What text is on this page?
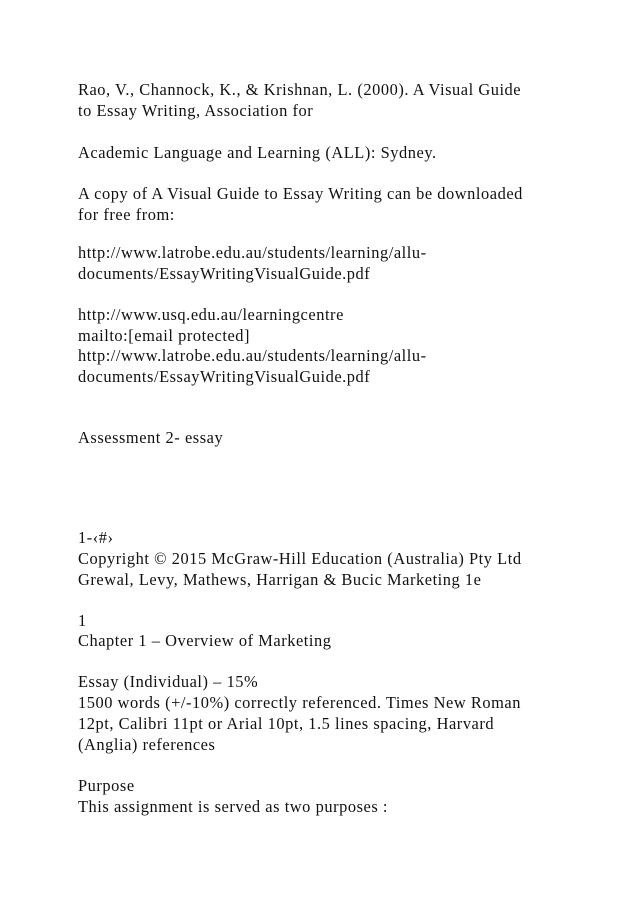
Rao, V., Channock, K., & Krishnan, L. (2000). A Visual Guide

to Essay Writing, Association for

Academic Language and Learning (ALL): Sydney.

A copy of A Visual Guide to Essay Writing can be downloaded

for free from:

http://www.latrobe.edu.au/students/learning/allu-

documents/EssayWritingVisualGuide.pdf

http://www.usq.edu.au/learningcentre

mailto:[email protected]

http://www.latrobe.edu.au/students/learning/allu-

documents/EssayWritingVisualGuide.pdf

Assessment 2- essay

1-‹#›

Copyright © 2015 McGraw-Hill Education (Australia) Pty Ltd

Grewal, Levy, Mathews, Harrigan & Bucic Marketing 1e

1

Chapter 1 – Overview of Marketing

Essay (Individual) – 15%

1500 words (+/-10%) correctly referenced. Times New Roman

12pt, Calibri 11pt or Arial 10pt, 1.5 lines spacing, Harvard

(Anglia) references

Purpose

This assignment is served as two purposes :
